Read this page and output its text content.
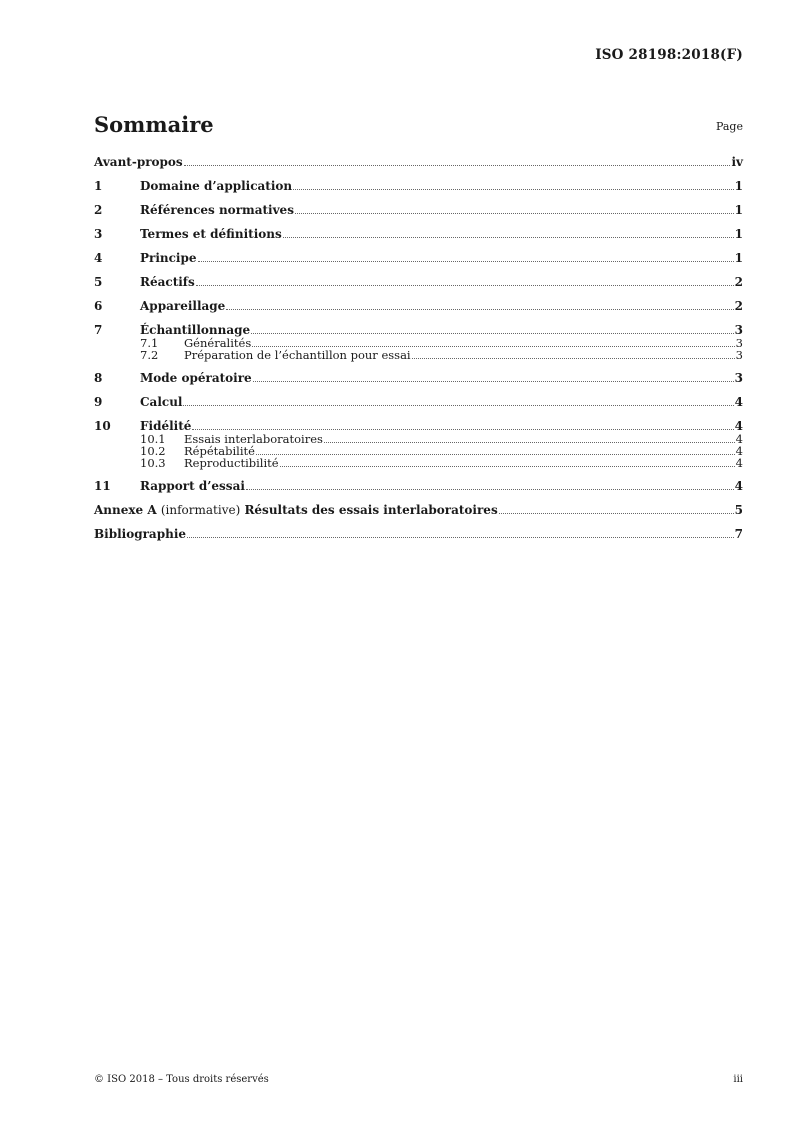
ISO 28198:2018(F)
Sommaire	Page
Avant-propos	iv
1	Domaine d’application	1
2	Références normatives	1
3	Termes et définitions	1
4	Principe	1
5	Réactifs	2
6	Appareillage	2
7	Échantillonnage	3
7.1	Généralités	3
7.2	Préparation de l’échantillon pour essai	3
8	Mode opératoire	3
9	Calcul	4
10	Fidélité	4
10.1	Essais interlaboratoires	4
10.2	Répétabilité	4
10.3	Reproductibilité	4
11	Rapport d’essai	4
Annexe A (informative) Résultats des essais interlaboratoires	5
Bibliographie	7
© ISO 2018 – Tous droits réservés	iii
